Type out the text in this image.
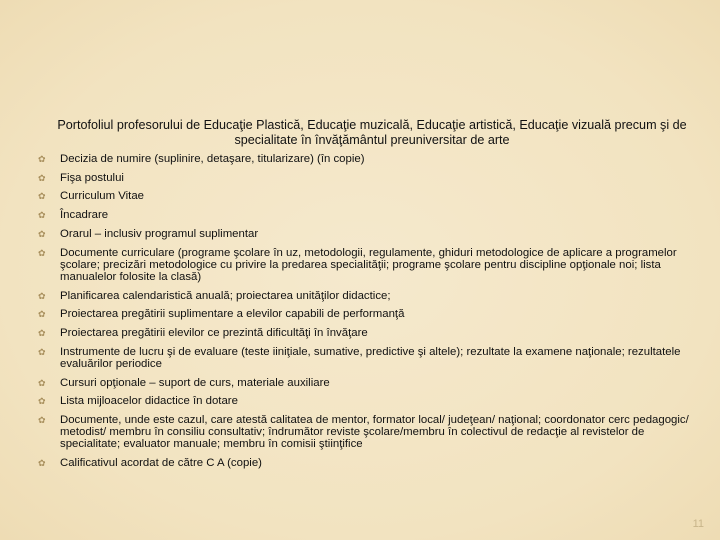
Portofoliul profesorului de Educaţie Plastică, Educaţie muzicală, Educaţie artistică, Educaţie vizuală precum şi de specialitate în învăţământul preuniversitar de arte
✿ Decizia de numire (suplinire, detaşare, titularizare) (în copie)
✿ Fişa postului
✿ Curriculum Vitae
✿ Încadrare
✿ Orarul – inclusiv programul suplimentar
✿ Documente curriculare (programe şcolare în uz, metodologii, regulamente, ghiduri metodologice de aplicare a programelor şcolare; precizări metodologice cu privire la predarea specialităţii; programe şcolare pentru discipline opţionale noi; lista manualelor folosite la clasă)
✿ Planificarea calendaristică anuală; proiectarea unităţilor didactice;
✿ Proiectarea pregătirii suplimentare a elevilor capabili de performanţă
✿ Proiectarea pregătirii elevilor ce prezintă dificultăţi în învăţare
✿ Instrumente de lucru şi de evaluare (teste iiniţiale, sumative, predictive şi altele); rezultate la examene naţionale; rezultatele evaluărilor periodice
✿ Cursuri opţionale – suport de curs, materiale auxiliare
✿ Lista mijloacelor didactice în dotare
✿ Documente, unde este cazul, care atestă calitatea de mentor, formator local/ judeţean/ naţional; coordonator cerc pedagogic/ metodist/ membru în consiliu consultativ; îndrumător reviste şcolare/membru în colectivul de redacţie al revistelor de specialitate; evaluator manuale; membru în comisii ştiinţifice
✿ Calificativul acordat de către C A (copie)
11
